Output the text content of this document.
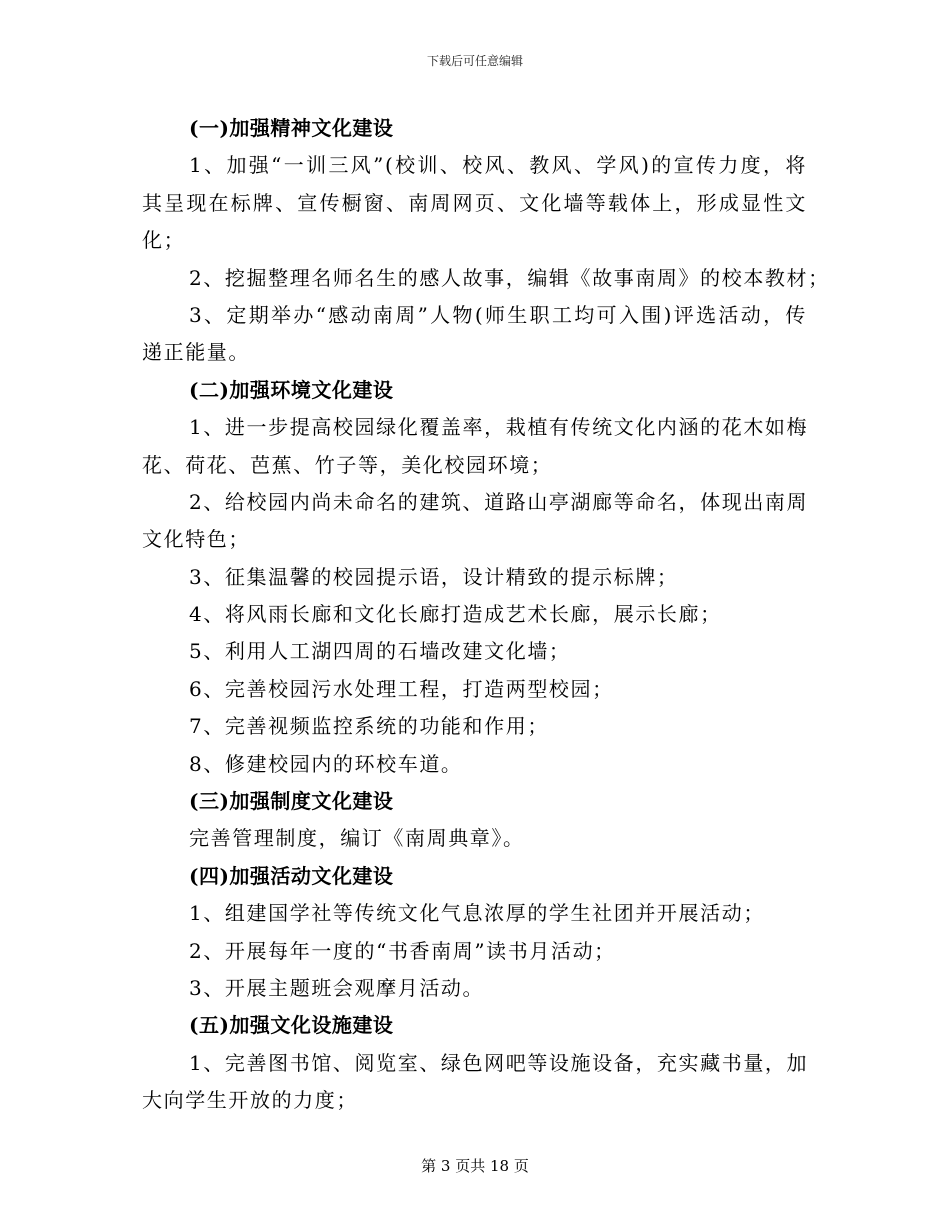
下载后可任意编辑
(一)加强精神文化建设
1、加强“一训三风”(校训、校风、教风、学风)的宣传力度，将
其呈现在标牌、宣传橱窗、南周网页、文化墙等载体上，形成显性文
化；
2、挖掘整理名师名生的感人故事，编辑《故事南周》的校本教材；
3、定期举办“感动南周”人物(师生职工均可入围)评选活动，传
递正能量。
(二)加强环境文化建设
1、进一步提高校园绿化覆盖率，栽植有传统文化内涵的花木如梅
花、荷花、芭蕉、竹子等，美化校园环境；
2、给校园内尚未命名的建筑、道路山亭湖廊等命名，体现出南周
文化特色；
3、征集温馨的校园提示语，设计精致的提示标牌；
4、将风雨长廊和文化长廊打造成艺术长廊，展示长廊；
5、利用人工湖四周的石墙改建文化墙；
6、完善校园污水处理工程，打造两型校园；
7、完善视频监控系统的功能和作用；
8、修建校园内的环校车道。
(三)加强制度文化建设
完善管理制度，编订《南周典章》。
(四)加强活动文化建设
1、组建国学社等传统文化气息浓厚的学生社团并开展活动；
2、开展每年一度的“书香南周”读书月活动；
3、开展主题班会观摩月活动。
(五)加强文化设施建设
1、完善图书馆、阅览室、绿色网吧等设施设备，充实藏书量，加
大向学生开放的力度；
第 3 页共 18 页
